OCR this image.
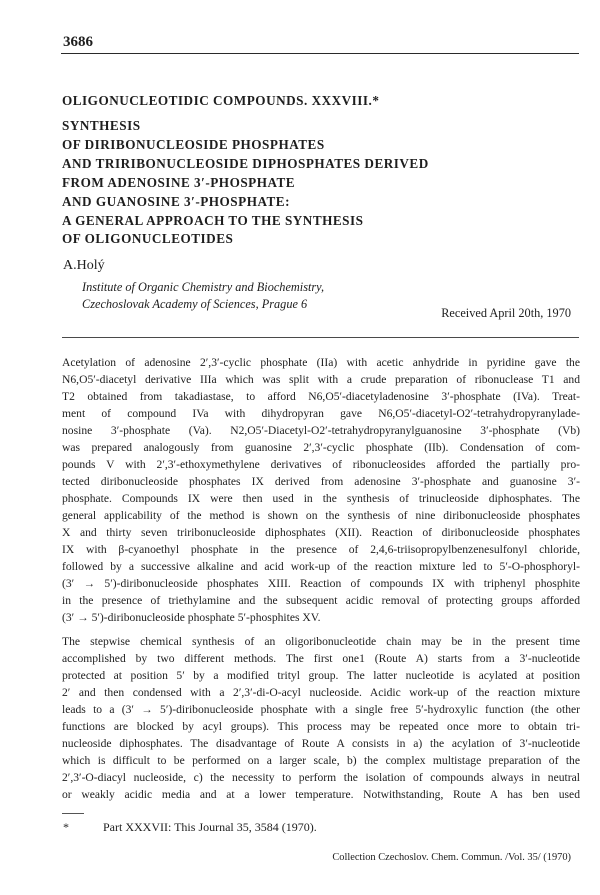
3686
OLIGONUCLEOTIDIC COMPOUNDS. XXXVIII.*
SYNTHESIS
OF DIRIBONUCLEOSIDE PHOSPHATES
AND TRIRIBONUCLEOSIDE DIPHOSPHATES DERIVED
FROM ADENOSINE 3′-PHOSPHATE
AND GUANOSINE 3′-PHOSPHATE:
A GENERAL APPROACH TO THE SYNTHESIS
OF OLIGONUCLEOTIDES
A.Holý
Institute of Organic Chemistry and Biochemistry,
Czechoslovak Academy of Sciences, Prague 6
Received April 20th, 1970
Acetylation of adenosine 2′,3′-cyclic phosphate (IIa) with acetic anhydride in pyridine gave the
N6,O5′-diacetyl derivative IIIa which was split with a crude preparation of ribonuclease T1 and
T2 obtained from takadiastase, to afford N6,O5′-diacetyladenosine 3′-phosphate (IVa). Treat-
ment of compound IVa with dihydropyran gave N6,O5′-diacetyl-O2′-tetrahydropyranylade-
nosine 3′-phosphate (Va). N2,O5′-Diacetyl-O2′-tetrahydropyranylguanosine 3′-phosphate (Vb)
was prepared analogously from guanosine 2′,3′-cyclic phosphate (IIb). Condensation of com-
pounds V with 2′,3′-ethoxymethylene derivatives of ribonucleosides afforded the partially pro-
tected diribonucleoside phosphates IX derived from adenosine 3′-phosphate and guanosine 3′-
phosphate. Compounds IX were then used in the synthesis of trinucleoside diphosphates. The
general applicability of the method is shown on the synthesis of nine diribonucleoside phosphates
X and thirty seven triribonucleoside diphosphates (XII). Reaction of diribonucleoside phosphates
IX with β-cyanoethyl phosphate in the presence of 2,4,6-triisopropylbenzenesulfonyl chloride,
followed by a successive alkaline and acid work-up of the reaction mixture led to 5′-O-phosphoryl-
(3′ → 5′)-diribonucleoside phosphates XIII. Reaction of compounds IX with triphenyl phosphite
in the presence of triethylamine and the subsequent acidic removal of protecting groups afforded
(3′ → 5′)-diribonucleoside phosphate 5′-phosphites XV.
The stepwise chemical synthesis of an oligoribonucleotide chain may be in the present time
accomplished by two different methods. The first one1 (Route A) starts from a 3′-nucleotide
protected at position 5′ by a modified trityl group. The latter nucleotide is acylated at position
2′ and then condensed with a 2′,3′-di-O-acyl nucleoside. Acidic work-up of the reaction mixture
leads to a (3′ → 5′)-diribonucleoside phosphate with a single free 5′-hydroxylic function (the other
functions are blocked by acyl groups). This process may be repeated once more to obtain tri-
nucleoside diphosphates. The disadvantage of Route A consists in a) the acylation of 3′-nucleotide
which is difficult to be performed on a larger scale, b) the complex multistage preparation of the
2′,3′-O-diacyl nucleoside, c) the necessity to perform the isolation of compounds always in neutral
or weakly acidic media and at a lower temperature. Notwithstanding, Route A has ben used
*	Part XXXVII: This Journal 35, 3584 (1970).
Collection Czechoslov. Chem. Commun. /Vol. 35/ (1970)
